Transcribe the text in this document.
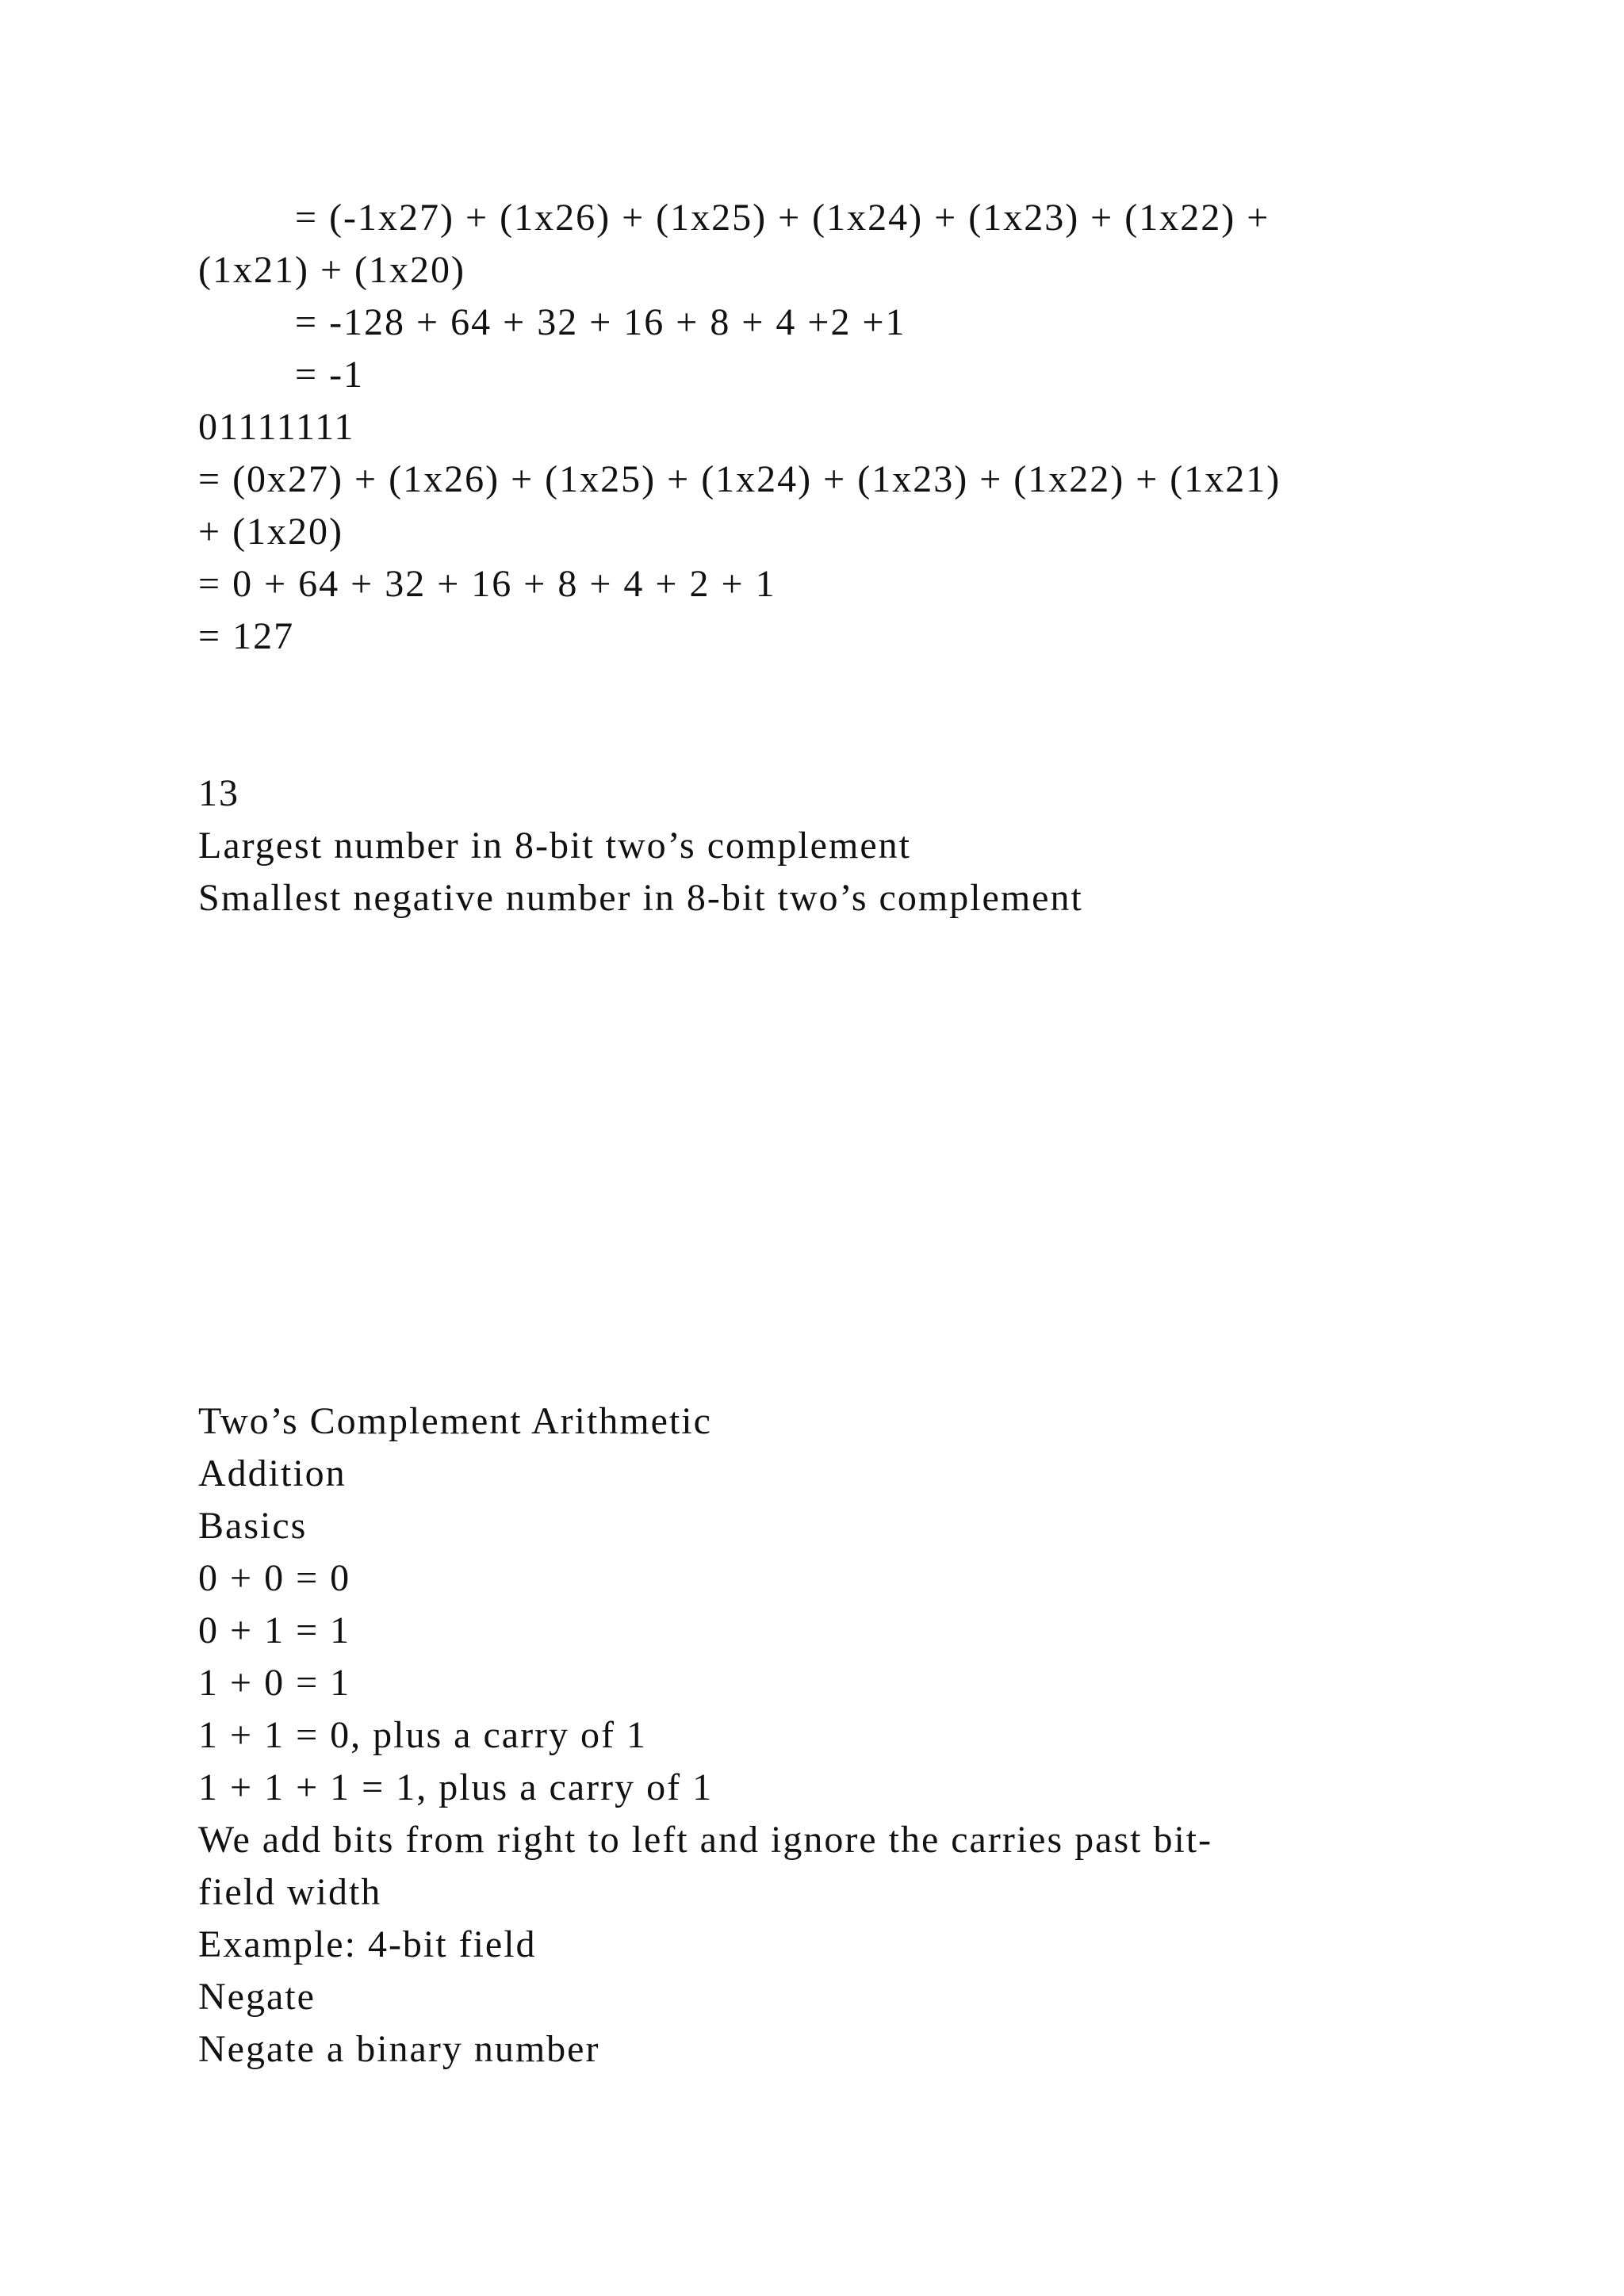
= (-1x27) + (1x26) + (1x25) + (1x24) + (1x23) + (1x22) +
(1x21) + (1x20)
= -128 + 64 + 32 + 16 + 8 + 4 +2 +1
= -1
01111111
= (0x27) + (1x26) + (1x25) + (1x24) + (1x23) + (1x22) + (1x21)
+ (1x20)
= 0 + 64 + 32 + 16 + 8 + 4 + 2 + 1
= 127
13
Largest number in 8-bit two’s complement
Smallest negative number in 8-bit two’s complement
Two’s Complement Arithmetic
Addition
Basics
0 + 0 = 0
0 + 1 = 1
1 + 0 = 1
1 + 1 = 0, plus a carry of 1
1 + 1 + 1 = 1, plus a carry of 1
We add bits from right to left and ignore the carries past bit-
field width
Example: 4-bit field
Negate
Negate a binary number
